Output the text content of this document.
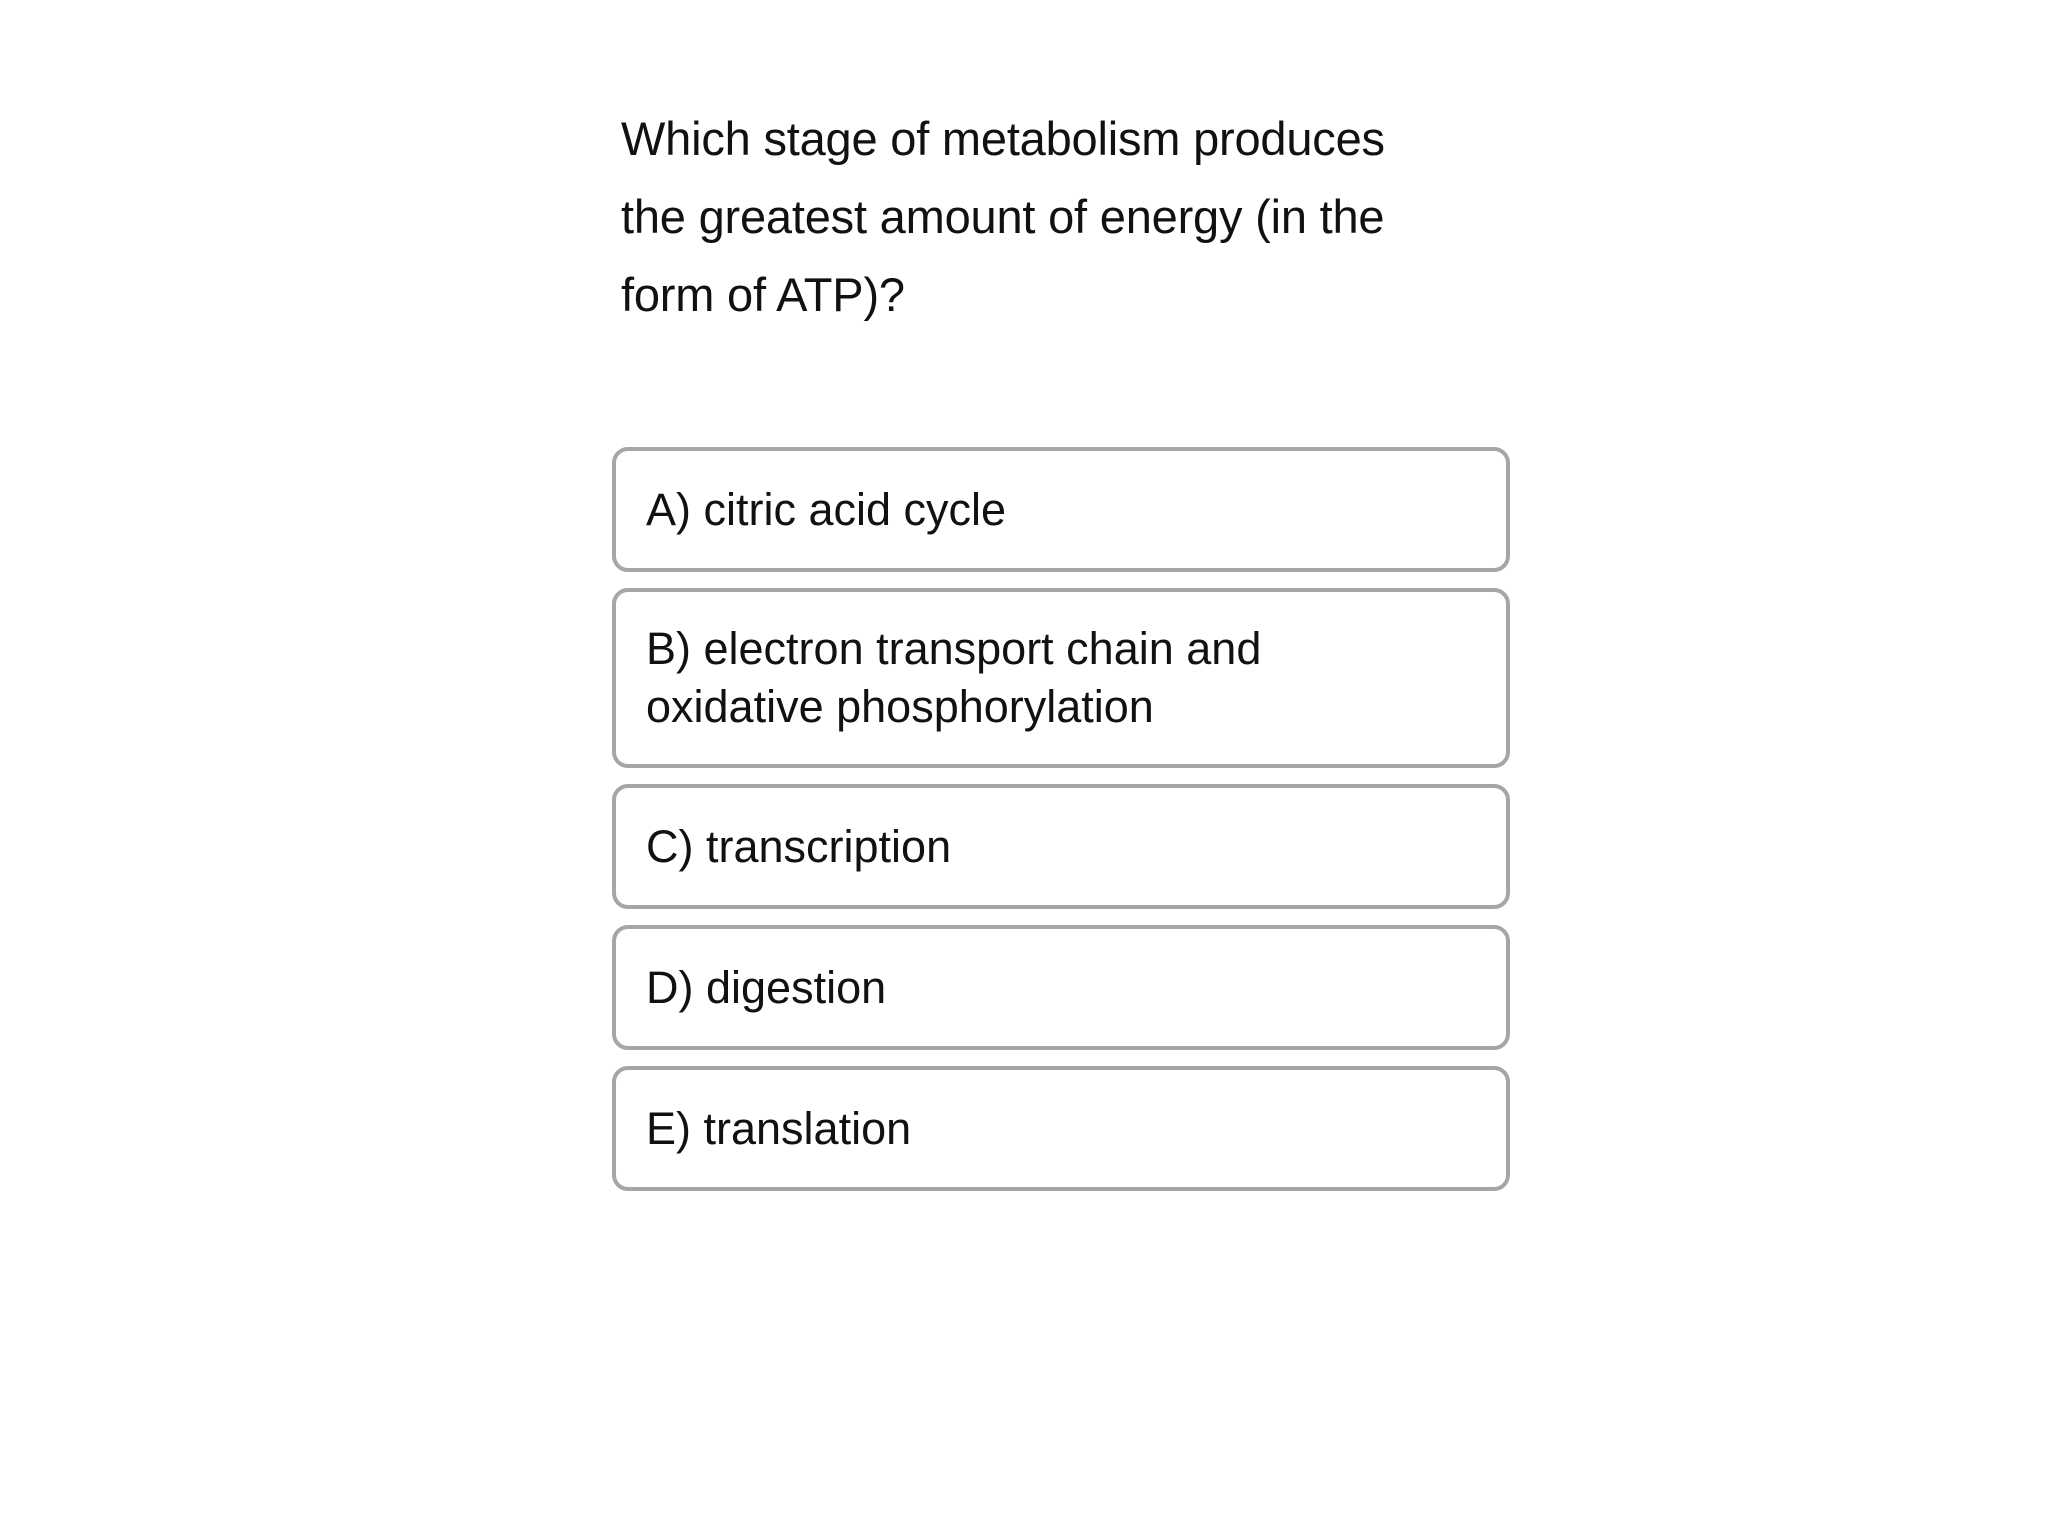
Which stage of metabolism produces the greatest amount of energy (in the form of ATP)?

A) citric acid cycle
B) electron transport chain and oxidative phosphorylation
C) transcription
D) digestion
E) translation
